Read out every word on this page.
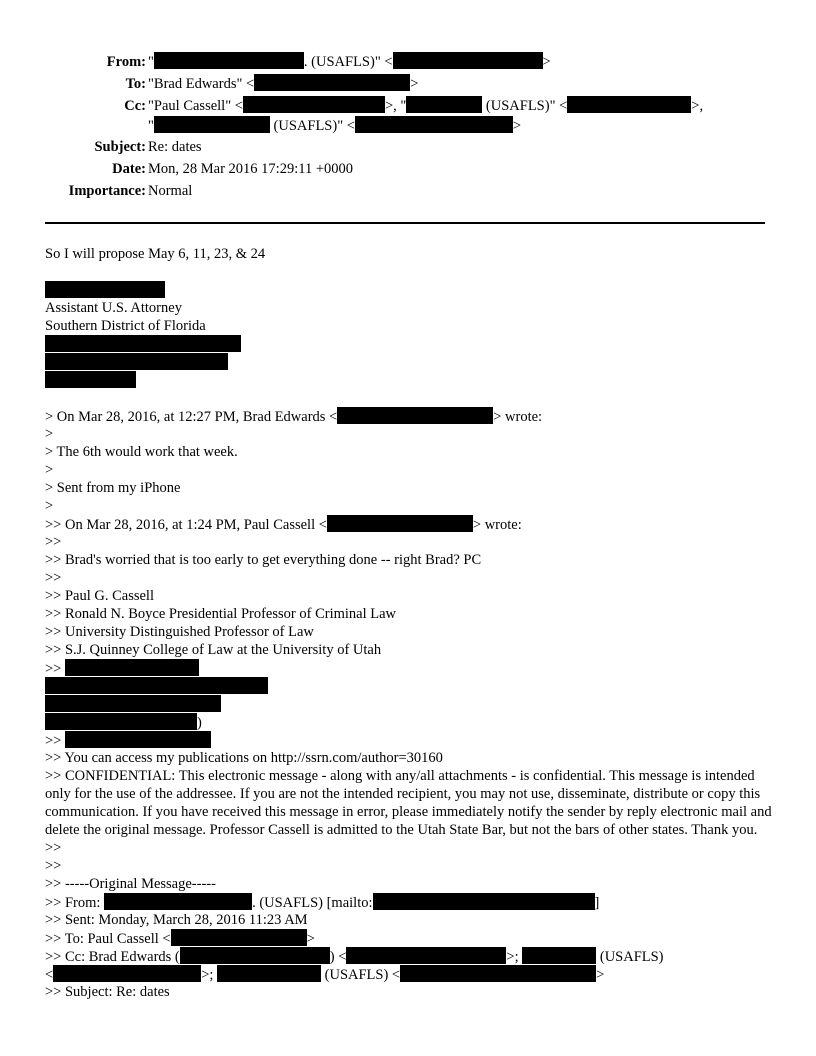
From: "	. (USAFLS)" <	>
To: "Brad Edwards" <	>
Cc: "Paul Cassell" <	>, "	(USAFLS)" <	>,
"	(USAFLS)" <	>
Subject: Re: dates
Date: Mon, 28 Mar 2016 17:29:11 +0000
Importance: Normal
So I will propose May 6, 11, 23, & 24
Assistant U.S. Attorney
Southern District of Florida
> On Mar 28, 2016, at 12:27 PM, Brad Edwards <	> wrote:
>
> The 6th would work that week.
>
> Sent from my iPhone
>
>> On Mar 28, 2016, at 1:24 PM, Paul Cassell <	> wrote:
>>
>> Brad's worried that is too early to get everything done -- right Brad? PC
>>
>> Paul G. Cassell
>> Ronald N. Boyce Presidential Professor of Criminal Law
>> University Distinguished Professor of Law
>> S.J. Quinney College of Law at the University of Utah
>>
)
>>
>> You can access my publications on http://ssrn.com/author=30160
>> CONFIDENTIAL: This electronic message - along with any/all attachments - is confidential. This message is intended only for the use of the addressee. If you are not the intended recipient, you may not use, disseminate, distribute or copy this communication. If you have received this message in error, please immediately notify the sender by reply electronic mail and delete the original message. Professor Cassell is admitted to the Utah State Bar, but not the bars of other states. Thank you.
>>
>>
>> -----Original Message-----
>> From:	. (USAFLS) [mailto:	]
>> Sent: Monday, March 28, 2016 11:23 AM
>> To: Paul Cassell <	>
>> Cc: Brad Edwards (	) <	>;	(USAFLS)
<	>;	(USAFLS) <	>
>> Subject: Re: dates
